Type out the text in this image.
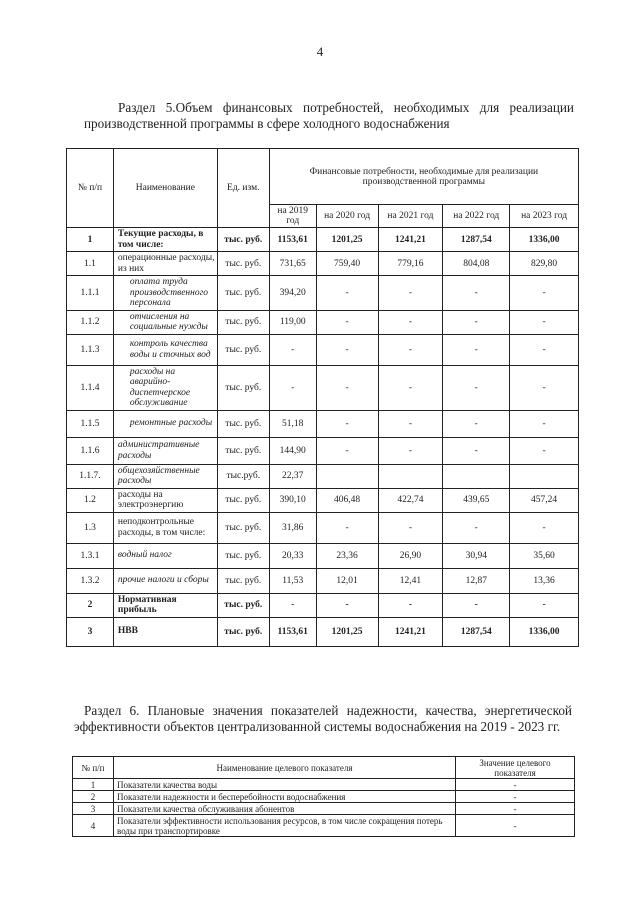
4
Раздел 5.Объем финансовых потребностей, необходимых для реализации
производственной программы в сфере холодного водоснабжения
№ п/п	Наименование	Ед. изм.	Финансовые потребности, необходимые для реализации производственной программы				
			на 2019 год	на 2020 год	на 2021 год	на 2022 год	на 2023 год
1	Текущие расходы, в том числе:	тыс. руб.	1153,61	1201,25	1241,21	1287,54	1336,00
1.1	операционные расходы, из них	тыс. руб.	731,65	759,40	779,16	804,08	829,80
1.1.1	оплата труда производственного персонала	тыс. руб.	394,20	-	-	-	-
1.1.2	отчисления на социальные нужды	тыс. руб.	119,00	-	-	-	-
1.1.3	контроль качества воды и сточных вод	тыс. руб.	-	-	-	-	-
1.1.4	расходы на аварийно-диспетчерское обслуживание	тыс. руб.	-	-	-	-	-
1.1.5	ремонтные расходы	тыс. руб.	51,18	-	-	-	-
1.1.6	административные расходы	тыс. руб.	144,90	-	-	-	-
1.1.7.	общехозяйственные расходы	тыс.руб.	22,37				
1.2	расходы на электроэнергию	тыс. руб.	390,10	406,48	422,74	439,65	457,24
1.3	неподконтрольные расходы, в том числе:	тыс. руб.	31,86	-	-	-	-
1.3.1	водный налог	тыс. руб.	20,33	23,36	26,90	30,94	35,60
1.3.2	прочие налоги и сборы	тыс. руб.	11,53	12,01	12,41	12,87	13,36
2	Нормативная прибыль	тыс. руб.	-	-	-	-	-
3	НВВ	тыс. руб.	1153,61	1201,25	1241,21	1287,54	1336,00
Раздел 6. Плановые значения показателей надежности, качества, энергетической
эффективности объектов централизованной системы водоснабжения на 2019 - 2023 гг.
№ п/п	Наименование целевого показателя	Значение целевого показателя
1	Показатели качества воды	-
2	Показатели надежности и бесперебойности водоснабжения	-
3	Показатели качества обслуживания абонентов	-
4	Показатели эффективности использования ресурсов, в том числе сокращения потерь воды при транспортировке	-
